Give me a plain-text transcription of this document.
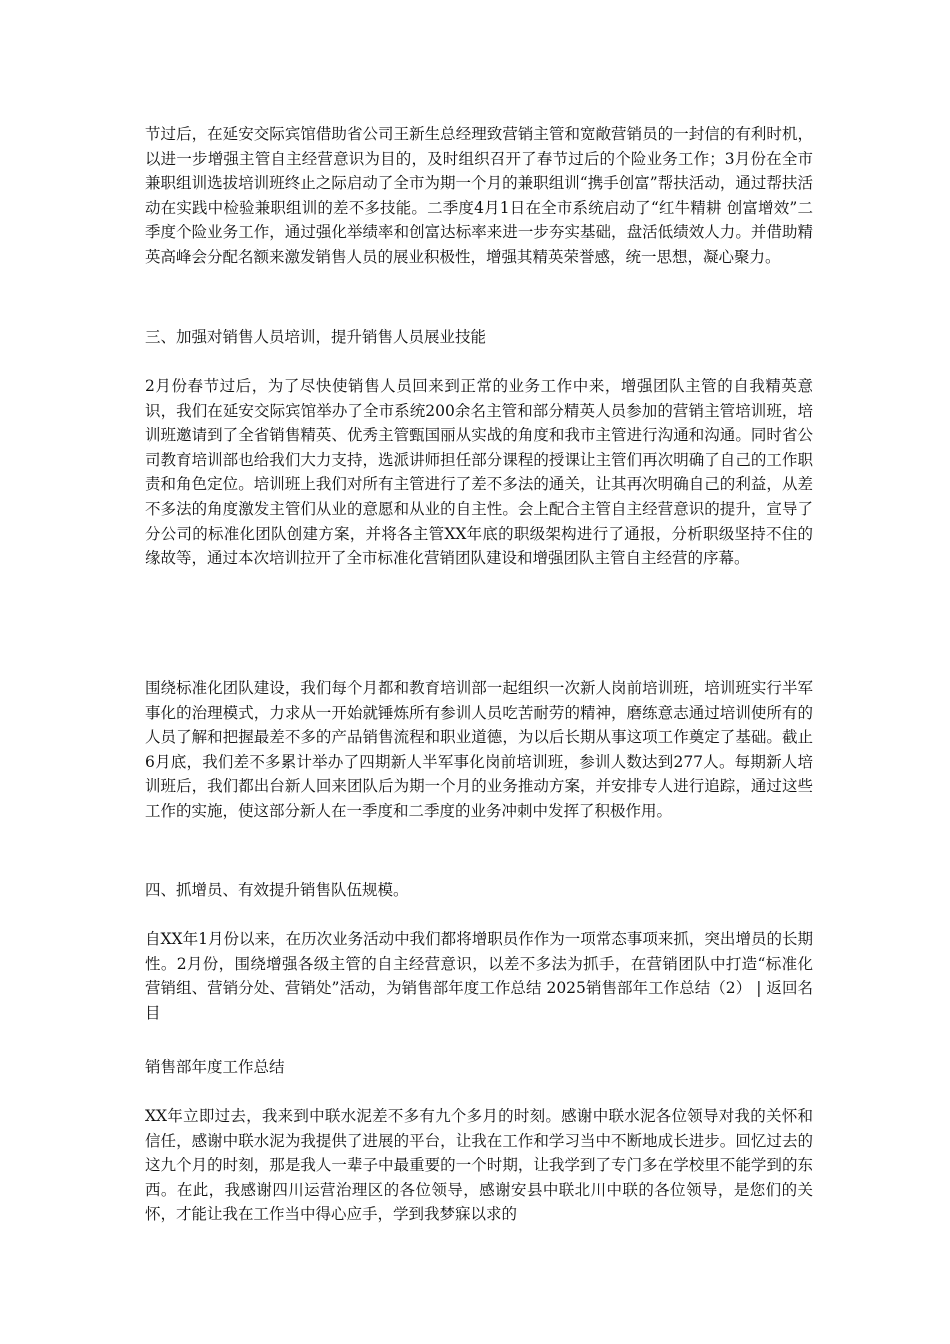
节过后，在延安交际宾馆借助省公司王新生总经理致营销主管和宽敞营销员的一封信的有利时机，以进一步增强主管自主经营意识为目的，及时组织召开了春节过后的个险业务工作；3月份在全市兼职组训选拔培训班终止之际启动了全市为期一个月的兼职组训“携手创富”帮扶活动，通过帮扶活动在实践中检验兼职组训的差不多技能。二季度4月1日在全市系统启动了“红牛精耕 创富增效”二季度个险业务工作，通过强化举绩率和创富达标率来进一步夯实基础，盘活低绩效人力。并借助精英高峰会分配名额来激发销售人员的展业积极性，增强其精英荣誉感，统一思想，凝心聚力。

三、加强对销售人员培训，提升销售人员展业技能

2月份春节过后，为了尽快使销售人员回来到正常的业务工作中来，增强团队主管的自我精英意识，我们在延安交际宾馆举办了全市系统200余名主管和部分精英人员参加的营销主管培训班，培训班邀请到了全省销售精英、优秀主管甄国丽从实战的角度和我市主管进行沟通和沟通。同时省公司教育培训部也给我们大力支持，选派讲师担任部分课程的授课让主管们再次明确了自己的工作职责和角色定位。培训班上我们对所有主管进行了差不多法的通关，让其再次明确自己的利益，从差不多法的角度激发主管们从业的意愿和从业的自主性。会上配合主管自主经营意识的提升，宣导了分公司的标准化团队创建方案，并将各主管XX年底的职级架构进行了通报，分析职级坚持不住的缘故等，通过本次培训拉开了全市标准化营销团队建设和增强团队主管自主经营的序幕。

围绕标准化团队建设，我们每个月都和教育培训部一起组织一次新人岗前培训班，培训班实行半军事化的治理模式，力求从一开始就锤炼所有参训人员吃苦耐劳的精神，磨练意志通过培训使所有的人员了解和把握最差不多的产品销售流程和职业道德，为以后长期从事这项工作奠定了基础。截止6月底，我们差不多累计举办了四期新人半军事化岗前培训班，参训人数达到277人。每期新人培训班后，我们都出台新人回来团队后为期一个月的业务推动方案，并安排专人进行追踪，通过这些工作的实施，使这部分新人在一季度和二季度的业务冲刺中发挥了积极作用。

四、抓增员、有效提升销售队伍规模。

自XX年1月份以来，在历次业务活动中我们都将增职员作作为一项常态事项来抓，突出增员的长期性。2月份，围绕增强各级主管的自主经营意识，以差不多法为抓手，在营销团队中打造“标准化营销组、营销分处、营销处”活动，为销售部年度工作总结 2025销售部年工作总结（2） | 返回名目

销售部年度工作总结

XX年立即过去，我来到中联水泥差不多有九个多月的时刻。感谢中联水泥各位领导对我的关怀和信任，感谢中联水泥为我提供了进展的平台，让我在工作和学习当中不断地成长进步。回忆过去的这九个月的时刻，那是我人一辈子中最重要的一个时期，让我学到了专门多在学校里不能学到的东西。在此，我感谢四川运营治理区的各位领导，感谢安县中联北川中联的各位领导，是您们的关怀，才能让我在工作当中得心应手，学到我梦寐以求的
